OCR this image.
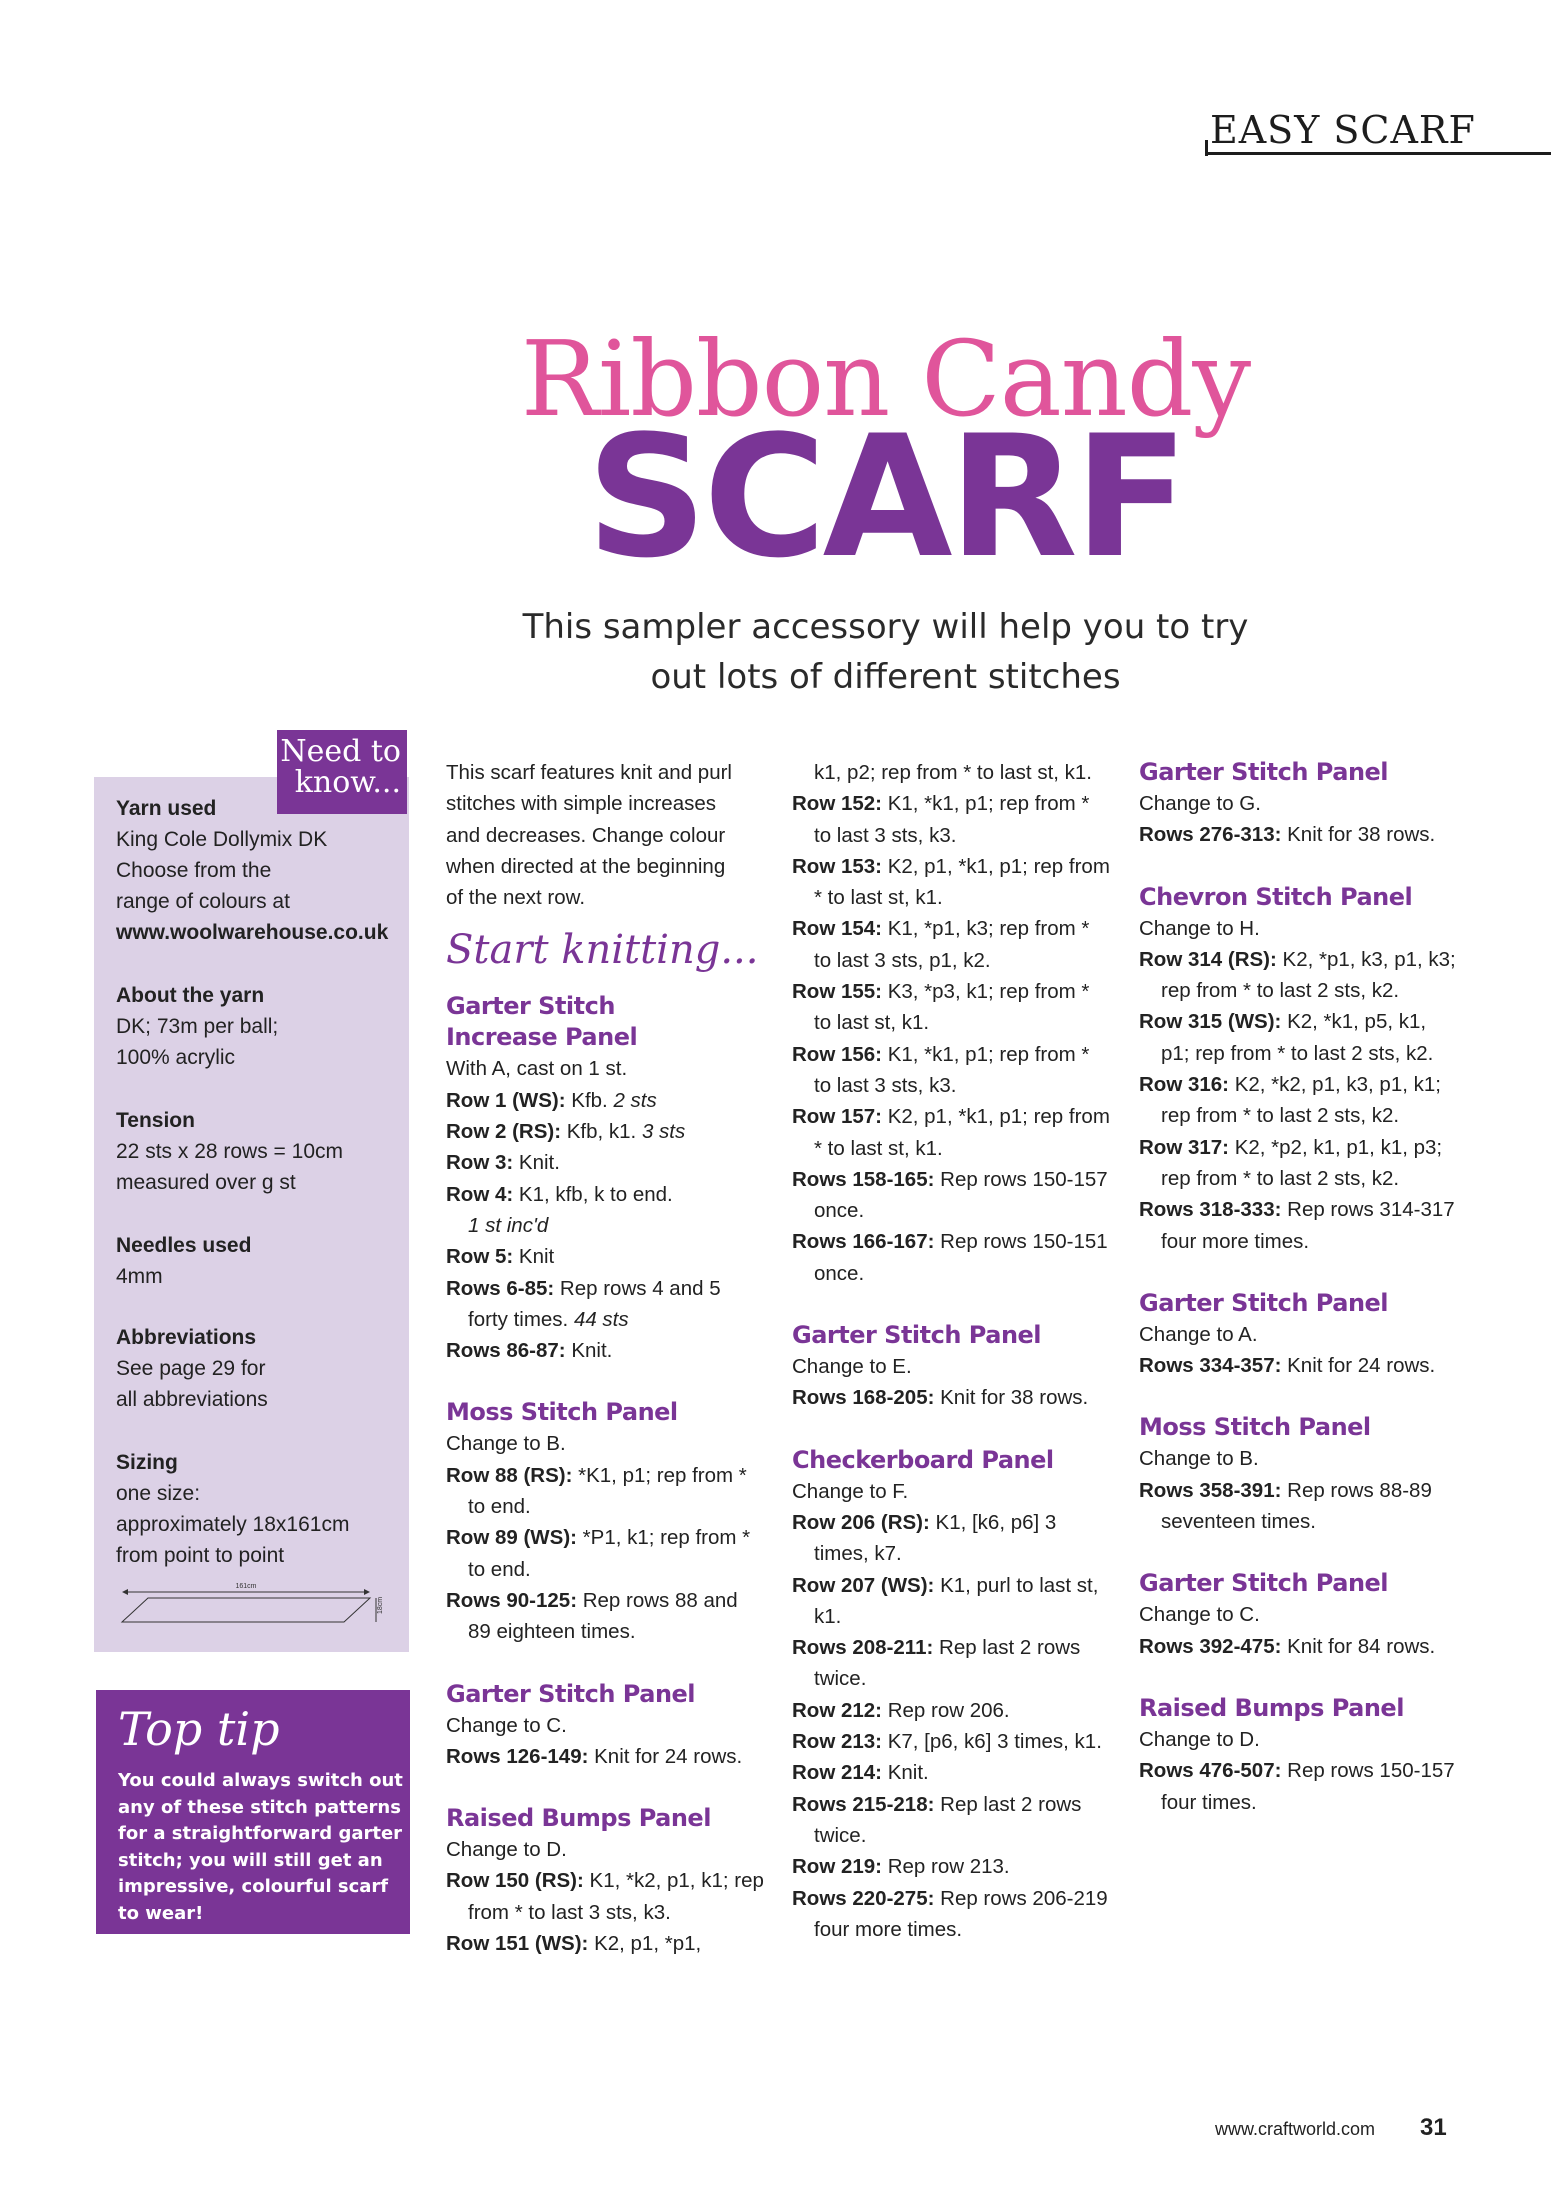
EASY SCARF
Ribbon Candy
SCARF
This sampler accessory will help you to try
out lots of different stitches
Need to
know...
Yarn used
King Cole Dollymix DK
Choose from the
range of colours at
www.woolwarehouse.co.uk
About the yarn
DK; 73m per ball;
100% acrylic
Tension
22 sts x 28 rows = 10cm
measured over g st
Needles used
4mm
Abbreviations
See page 29 for
all abbreviations
Sizing
one size:
approximately 18x161cm
from point to point
161cm
18cm
Top tip
You could always switch out any of these stitch patterns for a straightforward garter stitch; you will still get an impressive, colourful scarf to wear!

This scarf features knit and purl stitches with simple increases and decreases. Change colour when directed at the beginning of the next row.

Start knitting...

Garter Stitch

Increase Panel

With A, cast on 1 st.

Row 1 (WS): Kfb. 2 sts

Row 2 (RS): Kfb, k1. 3 sts

Row 3: Knit.

Row 4: K1, kfb, k to end.

1 st inc'd

Row 5: Knit

Rows 6-85: Rep rows 4 and 5 forty times. 44 sts

Rows 86-87: Knit.

Moss Stitch Panel

Change to B.

Row 88 (RS): *K1, p1; rep from * to end.

Row 89 (WS): *P1, k1; rep from * to end.

Rows 90-125: Rep rows 88 and 89 eighteen times.

Garter Stitch Panel

Change to C.

Rows 126-149: Knit for 24 rows.

Raised Bumps Panel

Change to D.

Row 150 (RS): K1, *k2, p1, k1; rep from * to last 3 sts, k3.

Row 151 (WS): K2, p1, *p1,

k1, p2; rep from * to last st, k1.

Row 152: K1, *k1, p1; rep from * to last 3 sts, k3.

Row 153: K2, p1, *k1, p1; rep from * to last st, k1.

Row 154: K1, *p1, k3; rep from * to last 3 sts, p1, k2.

Row 155: K3, *p3, k1; rep from * to last st, k1.

Row 156: K1, *k1, p1; rep from * to last 3 sts, k3.

Row 157: K2, p1, *k1, p1; rep from * to last st, k1.

Rows 158-165: Rep rows 150-157 once.

Rows 166-167: Rep rows 150-151 once.

Garter Stitch Panel

Change to E.

Rows 168-205: Knit for 38 rows.

Checkerboard Panel

Change to F.

Row 206 (RS): K1, [k6, p6] 3 times, k7.

Row 207 (WS): K1, purl to last st, k1.

Rows 208-211: Rep last 2 rows twice.

Row 212: Rep row 206.

Row 213: K7, [p6, k6] 3 times, k1.

Row 214: Knit.

Rows 215-218: Rep last 2 rows twice.

Row 219: Rep row 213.

Rows 220-275: Rep rows 206-219 four more times.

Garter Stitch Panel

Change to G.

Rows 276-313: Knit for 38 rows.

Chevron Stitch Panel

Change to H.

Row 314 (RS): K2, *p1, k3, p1, k3; rep from * to last 2 sts, k2.

Row 315 (WS): K2, *k1, p5, k1, p1; rep from * to last 2 sts, k2.

Row 316: K2, *k2, p1, k3, p1, k1; rep from * to last 2 sts, k2.

Row 317: K2, *p2, k1, p1, k1, p3; rep from * to last 2 sts, k2.

Rows 318-333: Rep rows 314-317 four more times.

Garter Stitch Panel

Change to A.

Rows 334-357: Knit for 24 rows.

Moss Stitch Panel

Change to B.

Rows 358-391: Rep rows 88-89 seventeen times.

Garter Stitch Panel

Change to C.

Rows 392-475: Knit for 84 rows.

Raised Bumps Panel

Change to D.

Rows 476-507: Rep rows 150-157 four times.

www.craftworld.com 31
